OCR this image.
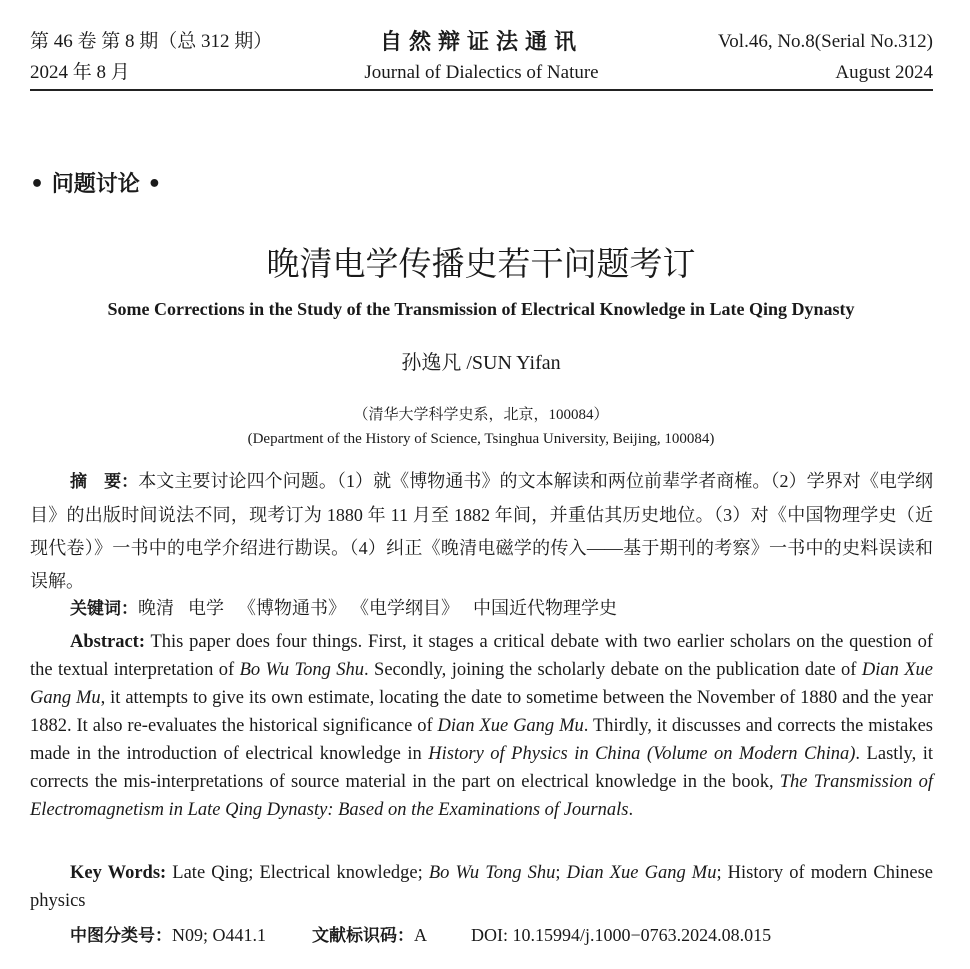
第 46 卷 第 8 期（总 312 期）
2024 年 8 月
自然辩证法通讯
Journal of Dialectics of Nature
Vol.46, No.8(Serial No.312)
August 2024
• 问题讨论 •
晚清电学传播史若干问题考订
Some Corrections in the Study of the Transmission of Electrical Knowledge in Late Qing Dynasty
孙逸凡 /SUN Yifan
（清华大学科学史系，北京，100084）
(Department of the History of Science, Tsinghua University, Beijing, 100084)
摘　要：本文主要讨论四个问题。（1）就《博物通书》的文本解读和两位前辈学者商榷。（2）学界对《电学纲目》的出版时间说法不同，现考订为 1880 年 11 月至 1882 年间，并重估其历史地位。（3）对《中国物理学史（近现代卷）》一书中的电学介绍进行勘误。（4）纠正《晚清电磁学的传入——基于期刊的考察》一书中的史料误读和误解。
关键词：晚清 电学 《博物通书》 《电学纲目》 中国近代物理学史
Abstract: This paper does four things. First, it stages a critical debate with two earlier scholars on the question of the textual interpretation of Bo Wu Tong Shu. Secondly, joining the scholarly debate on the publication date of Dian Xue Gang Mu, it attempts to give its own estimate, locating the date to sometime between the November of 1880 and the year 1882. It also re-evaluates the historical significance of Dian Xue Gang Mu. Thirdly, it discusses and corrects the mistakes made in the introduction of electrical knowledge in History of Physics in China (Volume on Modern China). Lastly, it corrects the mis-interpretations of source material in the part on electrical knowledge in the book, The Transmission of Electromagnetism in Late Qing Dynasty: Based on the Examinations of Journals.
Key Words: Late Qing; Electrical knowledge; Bo Wu Tong Shu; Dian Xue Gang Mu; History of modern Chinese physics
中图分类号：N09; O441.1	文献标识码：A DOI: 10.15994/j.1000−0763.2024.08.015
